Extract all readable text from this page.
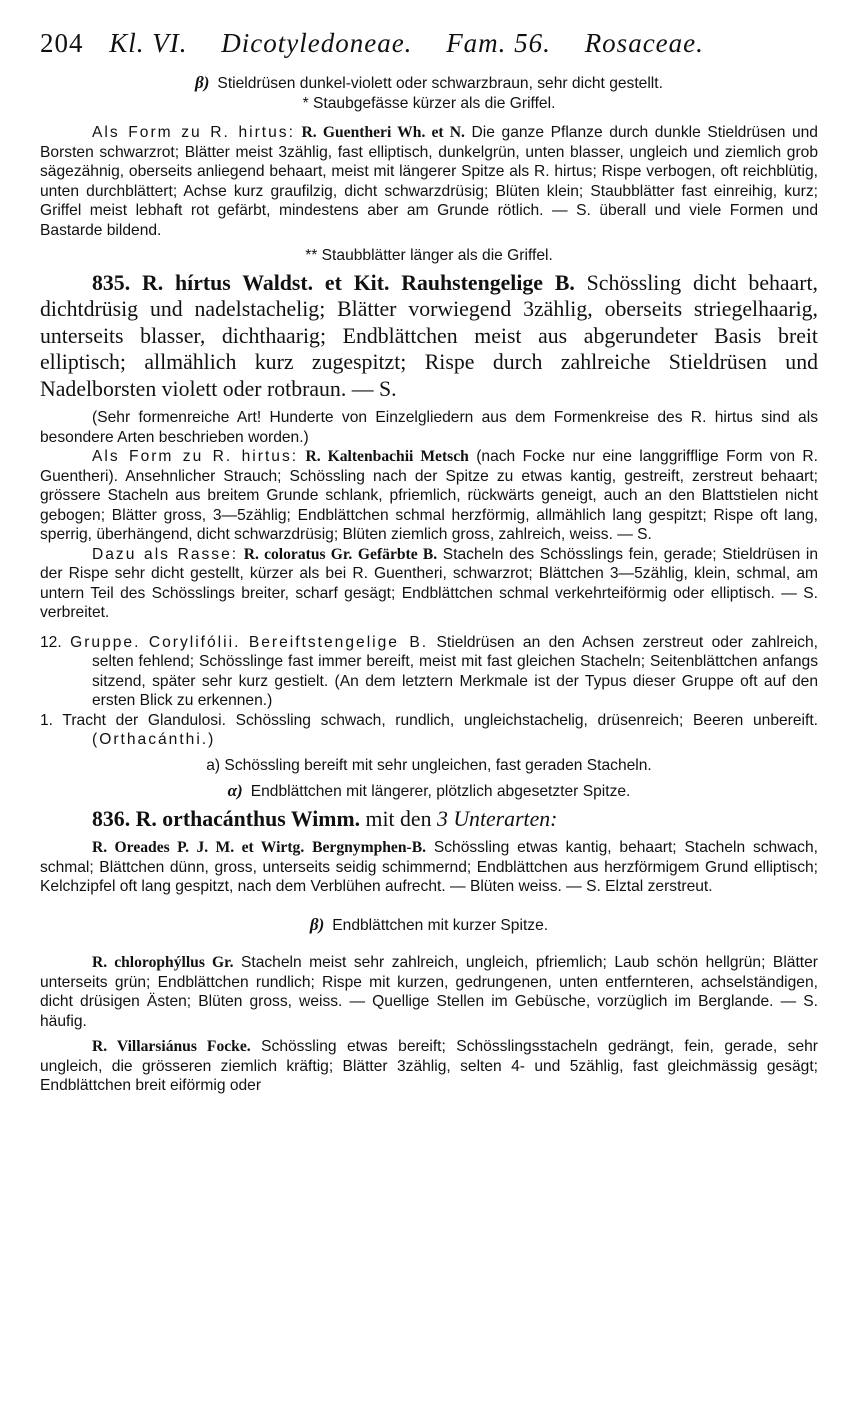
204 Kl. VI. Dicotyledoneae. Fam. 56. Rosaceae.

β) Stieldrüsen dunkel-violett oder schwarzbraun, sehr dicht gestellt.

* Staubgefässe kürzer als die Griffel.

Als Form zu R. hirtus: R. Guentheri Wh. et N. Die ganze Pflanze durch dunkle Stieldrüsen und Borsten schwarzrot; Blätter meist 3zählig, fast elliptisch, dunkelgrün, unten blasser, ungleich und ziemlich grob sägezähnig, oberseits anliegend behaart, meist mit längerer Spitze als R. hirtus; Rispe verbogen, oft reichblütig, unten durchblättert; Achse kurz graufilzig, dicht schwarzdrüsig; Blüten klein; Staubblätter fast einreihig, kurz; Griffel meist lebhaft rot gefärbt, mindestens aber am Grunde rötlich. — S. überall und viele Formen und Bastarde bildend.

** Staubblätter länger als die Griffel.

835. R. hírtus Waldst. et Kit. Rauhstengelige B. Schössling dicht behaart, dichtdrüsig und nadelstachelig; Blätter vorwiegend 3zählig, oberseits striegelhaarig, unterseits blasser, dichthaarig; Endblättchen meist aus abgerundeter Basis breit elliptisch; allmählich kurz zugespitzt; Rispe durch zahlreiche Stieldrüsen und Nadelborsten violett oder rotbraun. — S.

(Sehr formenreiche Art! Hunderte von Einzelgliedern aus dem Formenkreise des R. hirtus sind als besondere Arten beschrieben worden.)

Als Form zu R. hirtus: R. Kaltenbachii Metsch (nach Focke nur eine langgrifflige Form von R. Guentheri). Ansehnlicher Strauch; Schössling nach der Spitze zu etwas kantig, gestreift, zerstreut behaart; grössere Stacheln aus breitem Grunde schlank, pfriemlich, rückwärts geneigt, auch an den Blattstielen nicht gebogen; Blätter gross, 3—5zählig; Endblättchen schmal herzförmig, allmählich lang gespitzt; Rispe oft lang, sperrig, überhängend, dicht schwarzdrüsig; Blüten ziemlich gross, zahlreich, weiss. — S.

Dazu als Rasse: R. coloratus Gr. Gefärbte B. Stacheln des Schösslings fein, gerade; Stieldrüsen in der Rispe sehr dicht gestellt, kürzer als bei R. Guentheri, schwarzrot; Blättchen 3—5zählig, klein, schmal, am untern Teil des Schösslings breiter, scharf gesägt; Endblättchen schmal verkehrteiförmig oder elliptisch. — S. verbreitet.

12. Gruppe. Corylifólii. Bereiftstengelige B. Stieldrüsen an den Achsen zerstreut oder zahlreich, selten fehlend; Schösslinge fast immer bereift, meist mit fast gleichen Stacheln; Seitenblättchen anfangs sitzend, später sehr kurz gestielt. (An dem letztern Merkmale ist der Typus dieser Gruppe oft auf den ersten Blick zu erkennen.)

1. Tracht der Glandulosi. Schössling schwach, rundlich, ungleichstachelig, drüsenreich; Beeren unbereift. (Orthacánthi.)

a) Schössling bereift mit sehr ungleichen, fast geraden Stacheln.

α) Endblättchen mit längerer, plötzlich abgesetzter Spitze.

836. R. orthacánthus Wimm. mit den 3 Unterarten:

R. Oreades P. J. M. et Wirtg. Bergnymphen-B. Schössling etwas kantig, behaart; Stacheln schwach, schmal; Blättchen dünn, gross, unterseits seidig schimmernd; Endblättchen aus herzförmigem Grund elliptisch; Kelchzipfel oft lang gespitzt, nach dem Verblühen aufrecht. — Blüten weiss. — S. Elztal zerstreut.

β) Endblättchen mit kurzer Spitze.

R. chlorophýllus Gr. Stacheln meist sehr zahlreich, ungleich, pfriemlich; Laub schön hellgrün; Blätter unterseits grün; Endblättchen rundlich; Rispe mit kurzen, gedrungenen, unten entfernteren, achselständigen, dicht drüsigen Ästen; Blüten gross, weiss. — Quellige Stellen im Gebüsche, vorzüglich im Berglande. — S. häufig.

R. Villarsiánus Focke. Schössling etwas bereift; Schösslingsstacheln gedrängt, fein, gerade, sehr ungleich, die grösseren ziemlich kräftig; Blätter 3zählig, selten 4- und 5zählig, fast gleichmässig gesägt; Endblättchen breit eiförmig oder
